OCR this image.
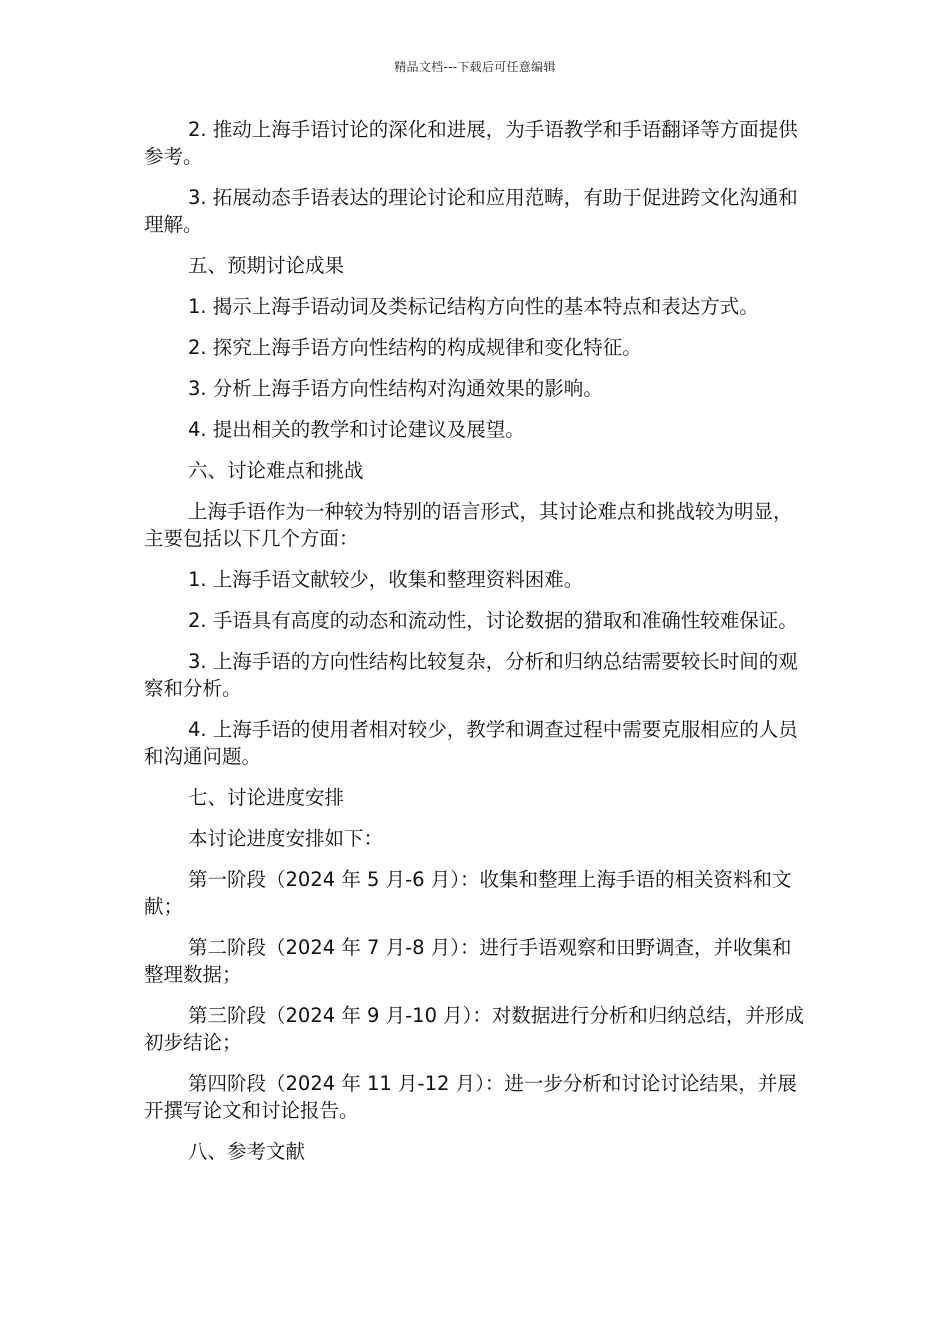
精品文档---下载后可任意编辑

2. 推动上海手语讨论的深化和进展，为手语教学和手语翻译等方面提供参考。

3. 拓展动态手语表达的理论讨论和应用范畴，有助于促进跨文化沟通和理解。

五、预期讨论成果

1. 揭示上海手语动词及类标记结构方向性的基本特点和表达方式。

2. 探究上海手语方向性结构的构成规律和变化特征。

3. 分析上海手语方向性结构对沟通效果的影响。

4. 提出相关的教学和讨论建议及展望。

六、讨论难点和挑战

上海手语作为一种较为特别的语言形式，其讨论难点和挑战较为明显，主要包括以下几个方面：

1. 上海手语文献较少，收集和整理资料困难。

2. 手语具有高度的动态和流动性，讨论数据的猎取和准确性较难保证。

3. 上海手语的方向性结构比较复杂，分析和归纳总结需要较长时间的观察和分析。

4. 上海手语的使用者相对较少，教学和调查过程中需要克服相应的人员和沟通问题。

七、讨论进度安排

本讨论进度安排如下：

第一阶段（2024 年 5 月-6 月）：收集和整理上海手语的相关资料和文献；

第二阶段（2024 年 7 月-8 月）：进行手语观察和田野调查，并收集和整理数据；

第三阶段（2024 年 9 月-10 月）：对数据进行分析和归纳总结，并形成初步结论；

第四阶段（2024 年 11 月-12 月）：进一步分析和讨论讨论结果，并展开撰写论文和讨论报告。

八、参考文献
